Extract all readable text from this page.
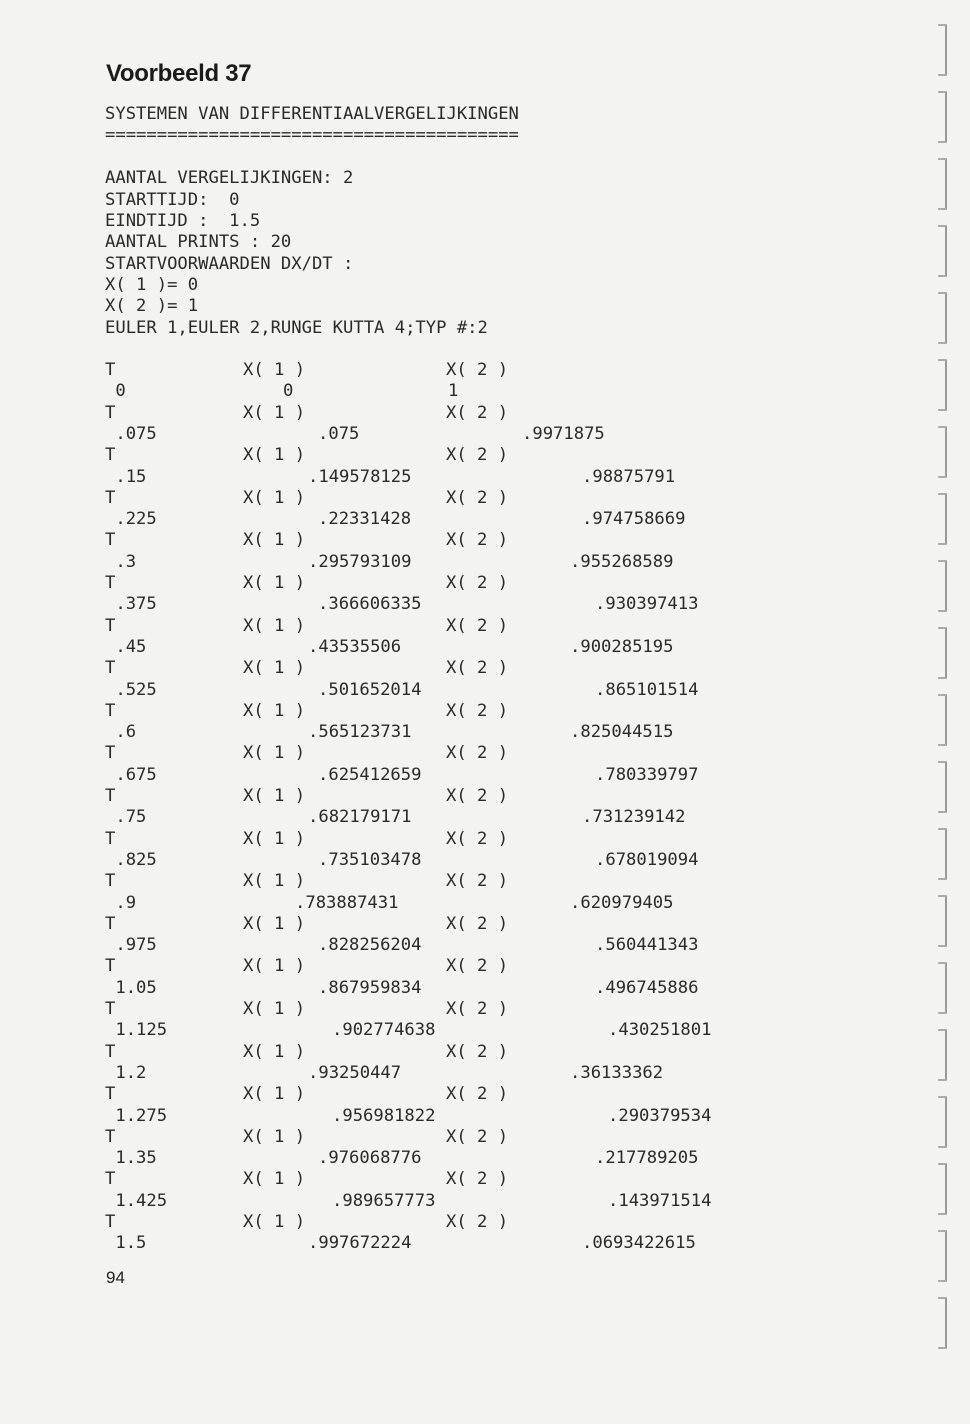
Voorbeeld 37
SYSTEMEN VAN DIFFERENTIAALVERGELIJKINGEN
========================================
AANTAL VERGELIJKINGEN: 2
STARTTIJD:  0
EINDTIJD :  1.5
AANTAL PRINTS : 20
STARTVOORWAARDEN DX/DT :
X( 1 )= 0
X( 2 )= 1
EULER 1,EULER 2,RUNGE KUTTA 4;TYP #:2
T	X( 1 )	X( 2 )
0	0	1
T	X( 1 )	X( 2 )
.075	.075	.9971875
T	X( 1 )	X( 2 )
.15	.149578125	.98875791
T	X( 1 )	X( 2 )
.225	.22331428	.974758669
T	X( 1 )	X( 2 )
.3	.295793109	.955268589
T	X( 1 )	X( 2 )
.375	.366606335	.930397413
T	X( 1 )	X( 2 )
.45	.43535506	.900285195
T	X( 1 )	X( 2 )
.525	.501652014	.865101514
T	X( 1 )	X( 2 )
.6	.565123731	.825044515
T	X( 1 )	X( 2 )
.675	.625412659	.780339797
T	X( 1 )	X( 2 )
.75	.682179171	.731239142
T	X( 1 )	X( 2 )
.825	.735103478	.678019094
T	X( 1 )	X( 2 )
.9	.783887431	.620979405
T	X( 1 )	X( 2 )
.975	.828256204	.560441343
T	X( 1 )	X( 2 )
1.05	.867959834	.496745886
T	X( 1 )	X( 2 )
1.125	.902774638	.430251801
T	X( 1 )	X( 2 )
1.2	.93250447	.36133362
T	X( 1 )	X( 2 )
1.275	.956981822	.290379534
T	X( 1 )	X( 2 )
1.35	.976068776	.217789205
T	X( 1 )	X( 2 )
1.425	.989657773	.143971514
T	X( 1 )	X( 2 )
1.5	.997672224	.0693422615
94
